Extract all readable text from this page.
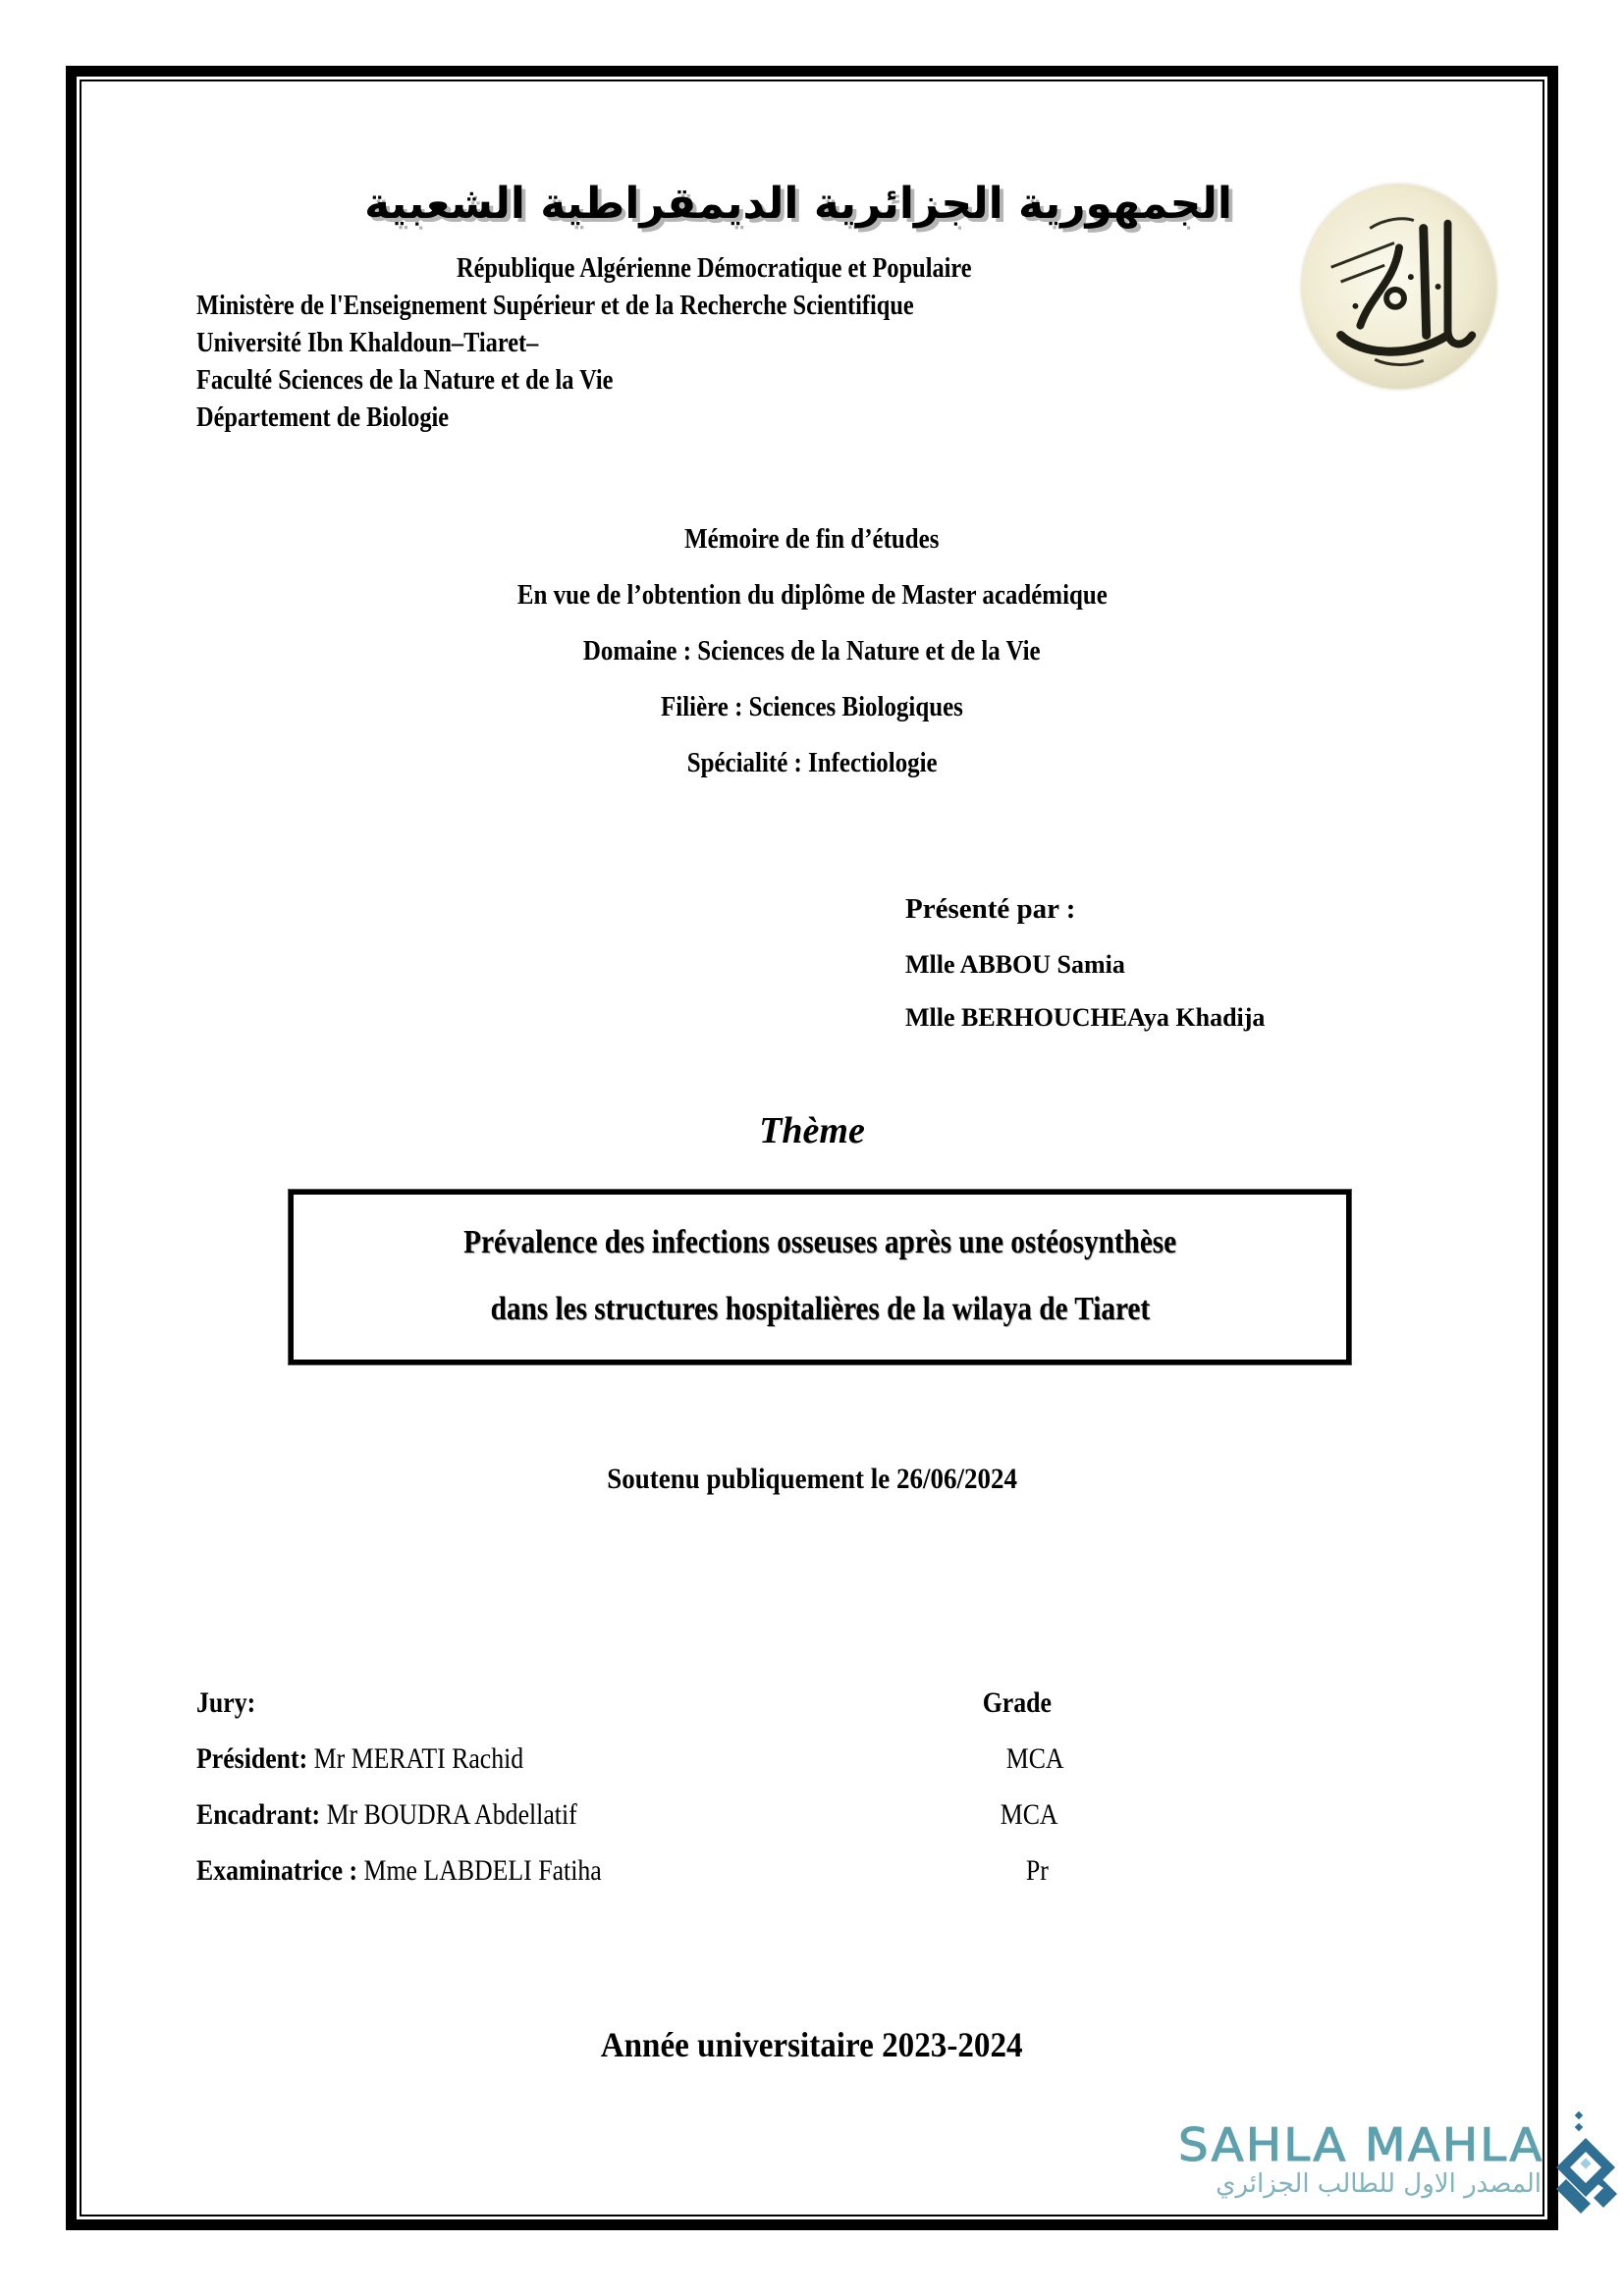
الجمهورية الجزائرية الديمقراطية الشعبية
République Algérienne Démocratique et Populaire
Ministère de l'Enseignement Supérieur et de la Recherche Scientifique
Université Ibn Khaldoun–Tiaret–
Faculté Sciences de la Nature et de la Vie
Département de Biologie
Mémoire de fin d’études
En vue de l’obtention du diplôme de Master académique
Domaine : Sciences de la Nature et de la Vie
Filière : Sciences Biologiques
Spécialité : Infectiologie
Présenté par :
Mlle ABBOU Samia
Mlle BERHOUCHEAya Khadija
Thème
Prévalence des infections osseuses après une ostéosynthèse
dans les structures hospitalières de la wilaya de Tiaret
Soutenu publiquement le 26/06/2024
Jury:	Grade
Président: Mr MERATI Rachid	MCA
Encadrant: Mr BOUDRA Abdellatif	MCA
Examinatrice : Mme LABDELI Fatiha	Pr
Année universitaire 2023-2024
SAHLA MAHLA
المصدر الاول للطالب الجزائري
